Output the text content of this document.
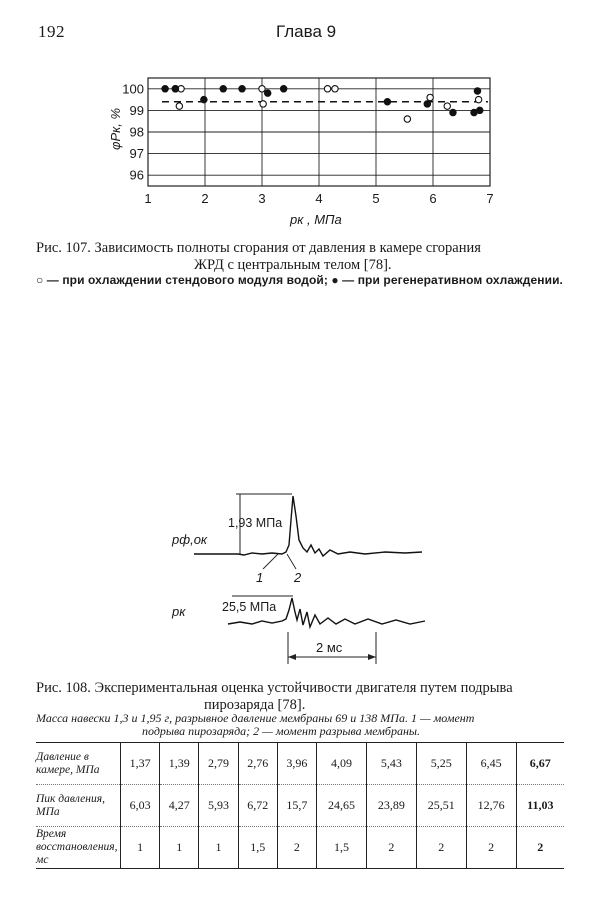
192	Глава 9
1	2	3	4	5	6	7
96
97
98
99
100
pк , МПа
φPк, %
Рис. 107. Зависимость полноты сгорания от давления в камере сгорания
ЖРД с центральным телом [78].
○ — при охлаждении стендового модуля водой; ● — при регенеративном охлаждении.
pф,ок
1,93 МПа
1 2
pк	25,5 МПа
2 мс
Рис. 108. Экспериментальная оценка устойчивости двигателя путем подрыва
пирозаряда [78].
Масса навески 1,3 и 1,95 г, разрывное давление мембраны 69 и 138 МПа. 1 — момент
подрыва пирозаряда; 2 — момент разрыва мембраны.
Давление в камере, МПа	1,37	1,39	2,79	2,76	3,96	4,09	5,43	5,25	6,45	6,67
Пик давления, МПа	6,03	4,27	5,93	6,72	15,7	24,65	23,89	25,51	12,76	11,03
Время восстановления, мс	1	1	1	1,5	2	1,5	2	2	2	2
